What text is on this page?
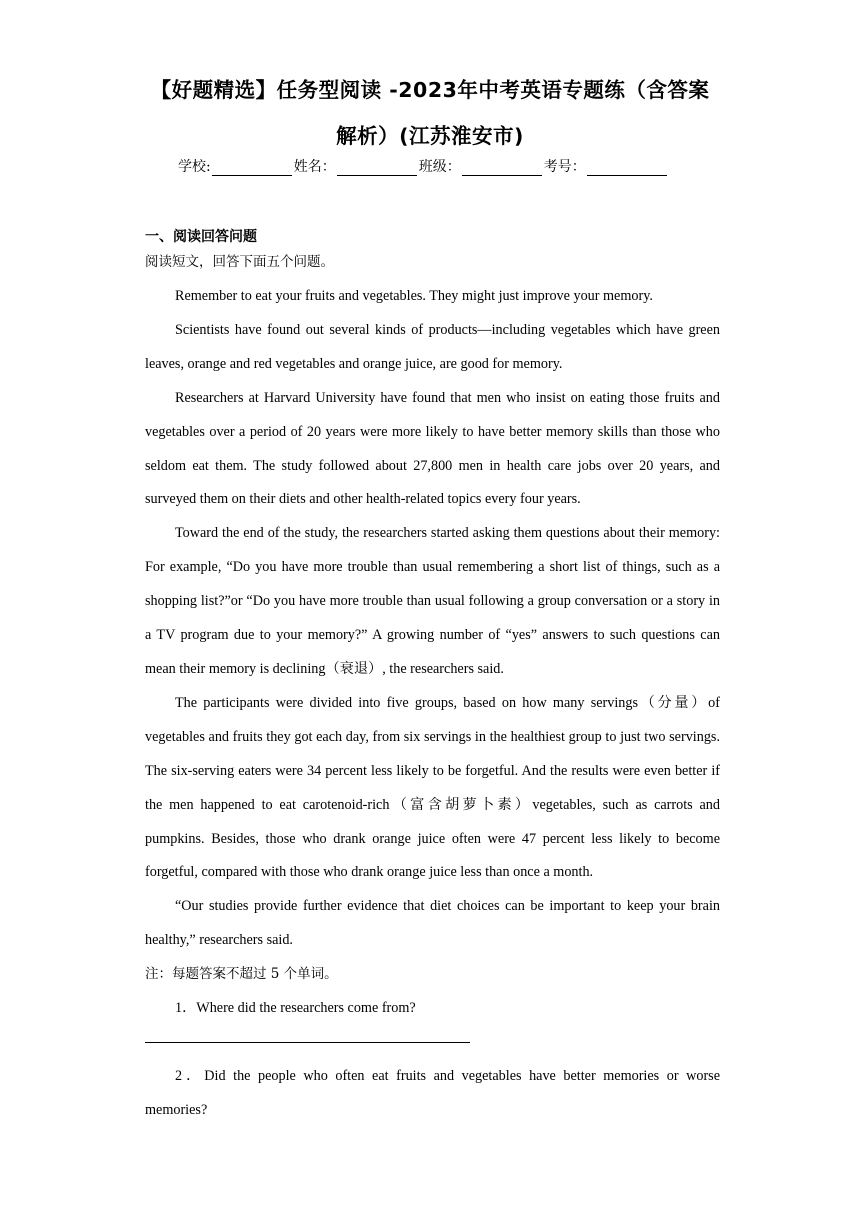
【好题精选】任务型阅读 -2023年中考英语专题练（含答案
解析）(江苏淮安市)
学校:	姓名：	班级：	考号：
一、阅读回答问题
阅读短文，回答下面五个问题。

Remember to eat your fruits and vegetables. They might just improve your memory.

Scientists have found out several kinds of products—including vegetables which have green leaves, orange and red vegetables and orange juice, are good for memory.

Researchers at Harvard University have found that men who insist on eating those fruits and vegetables over a period of 20 years were more likely to have better memory skills than those who seldom eat them. The study followed about 27,800 men in health care jobs over 20 years, and surveyed them on their diets and other health-related topics every four years.

Toward the end of the study, the researchers started asking them questions about their memory: For example, “Do you have more trouble than usual remembering a short list of things, such as a shopping list?”or “Do you have more trouble than usual following a group conversation or a story in a TV program due to your memory?” A growing number of “yes” answers to such questions can mean their memory is declining（衰退）, the researchers said.

The participants were divided into five groups, based on how many servings（分量）of vegetables and fruits they got each day, from six servings in the healthiest group to just two servings. The six-serving eaters were 34 percent less likely to be forgetful. And the results were even better if the men happened to eat carotenoid-rich（富含胡萝卜素）vegetables, such as carrots and pumpkins. Besides, those who drank orange juice often were 47 percent less likely to become forgetful, compared with those who drank orange juice less than once a month.

“Our studies provide further evidence that diet choices can be important to keep your brain healthy,” researchers said.

注：每题答案不超过 5 个单词。

1．Where did the researchers come from?

2．Did the people who often eat fruits and vegetables have better memories or worse memories?
